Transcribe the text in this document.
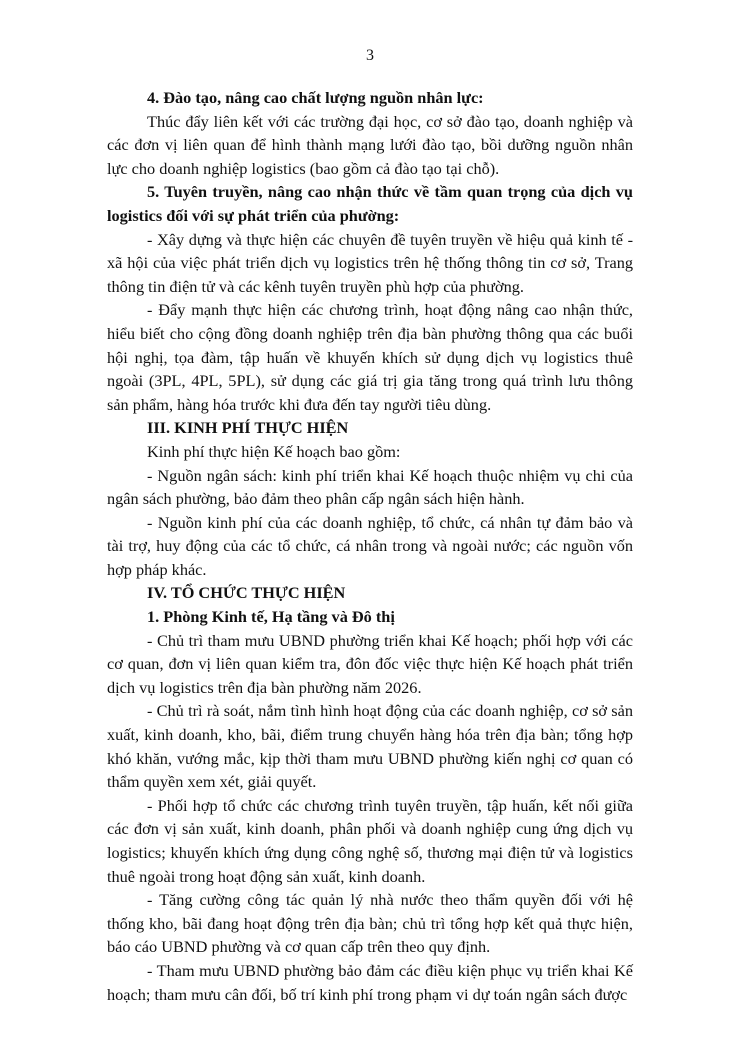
3

4. Đào tạo, nâng cao chất lượng nguồn nhân lực:

Thúc đẩy liên kết với các trường đại học, cơ sở đào tạo, doanh nghiệp và các đơn vị liên quan để hình thành mạng lưới đào tạo, bồi dưỡng nguồn nhân lực cho doanh nghiệp logistics (bao gồm cả đào tạo tại chỗ).

5. Tuyên truyền, nâng cao nhận thức về tầm quan trọng của dịch vụ logistics đối với sự phát triển của phường:

- Xây dựng và thực hiện các chuyên đề tuyên truyền về hiệu quả kinh tế - xã hội của việc phát triển dịch vụ logistics trên hệ thống thông tin cơ sở, Trang thông tin điện tử và các kênh tuyên truyền phù hợp của phường.

- Đẩy mạnh thực hiện các chương trình, hoạt động nâng cao nhận thức, hiểu biết cho cộng đồng doanh nghiệp trên địa bàn phường thông qua các buổi hội nghị, tọa đàm, tập huấn về khuyến khích sử dụng dịch vụ logistics thuê ngoài (3PL, 4PL, 5PL), sử dụng các giá trị gia tăng trong quá trình lưu thông sản phẩm, hàng hóa trước khi đưa đến tay người tiêu dùng.

III. KINH PHÍ THỰC HIỆN

Kinh phí thực hiện Kế hoạch bao gồm:

- Nguồn ngân sách: kinh phí triển khai Kế hoạch thuộc nhiệm vụ chi của ngân sách phường, bảo đảm theo phân cấp ngân sách hiện hành.

- Nguồn kinh phí của các doanh nghiệp, tổ chức, cá nhân tự đảm bảo và tài trợ, huy động của các tổ chức, cá nhân trong và ngoài nước; các nguồn vốn hợp pháp khác.

IV. TỔ CHỨC THỰC HIỆN

1. Phòng Kinh tế, Hạ tầng và Đô thị

- Chủ trì tham mưu UBND phường triển khai Kế hoạch; phối hợp với các cơ quan, đơn vị liên quan kiểm tra, đôn đốc việc thực hiện Kế hoạch phát triển dịch vụ logistics trên địa bàn phường năm 2026.

- Chủ trì rà soát, nắm tình hình hoạt động của các doanh nghiệp, cơ sở sản xuất, kinh doanh, kho, bãi, điểm trung chuyển hàng hóa trên địa bàn; tổng hợp khó khăn, vướng mắc, kịp thời tham mưu UBND phường kiến nghị cơ quan có thẩm quyền xem xét, giải quyết.

- Phối hợp tổ chức các chương trình tuyên truyền, tập huấn, kết nối giữa các đơn vị sản xuất, kinh doanh, phân phối và doanh nghiệp cung ứng dịch vụ logistics; khuyến khích ứng dụng công nghệ số, thương mại điện tử và logistics thuê ngoài trong hoạt động sản xuất, kinh doanh.

- Tăng cường công tác quản lý nhà nước theo thẩm quyền đối với hệ thống kho, bãi đang hoạt động trên địa bàn; chủ trì tổng hợp kết quả thực hiện, báo cáo UBND phường và cơ quan cấp trên theo quy định.

- Tham mưu UBND phường bảo đảm các điều kiện phục vụ triển khai Kế hoạch; tham mưu cân đối, bố trí kinh phí trong phạm vi dự toán ngân sách được
